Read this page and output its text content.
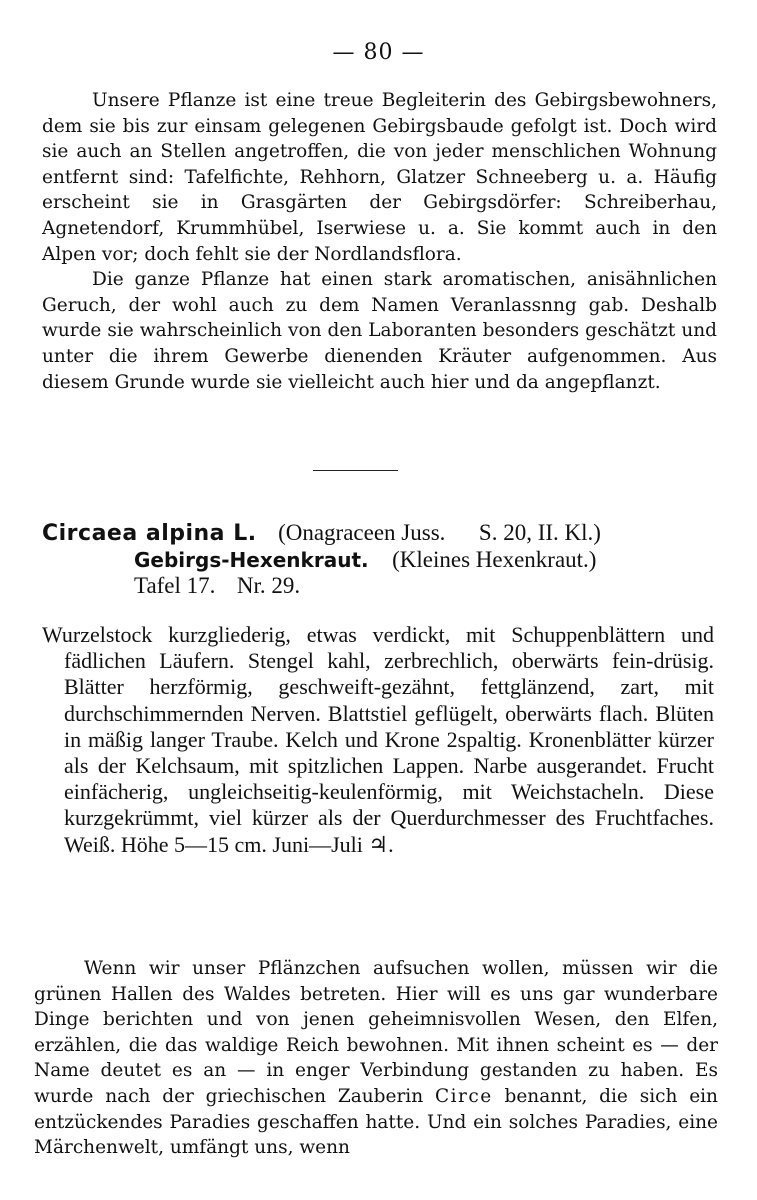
— 80 —

Unsere Pflanze ist eine treue Begleiterin des Gebirgsbewohners, dem sie bis zur einsam gelegenen Gebirgsbaude gefolgt ist. Doch wird sie auch an Stellen angetroffen, die von jeder menschlichen Wohnung entfernt sind: Tafelfichte, Rehhorn, Glatzer Schneeberg u. a. Häufig erscheint sie in Grasgärten der Gebirgsdörfer: Schreiberhau, Agnetendorf, Krummhübel, Iserwiese u. a. Sie kommt auch in den Alpen vor; doch fehlt sie der Nordlandsflora.

Die ganze Pflanze hat einen stark aromatischen, anisähnlichen Geruch, der wohl auch zu dem Namen Veranlassnng gab. Deshalb wurde sie wahrscheinlich von den Laboranten besonders geschätzt und unter die ihrem Gewerbe dienenden Kräuter aufgenommen. Aus diesem Grunde wurde sie vielleicht auch hier und da angepflanzt.

Circaea alpina L. (Onagraceen Juss. S. 20, II. Kl.)
Gebirgs-Hexenkraut. (Kleines Hexenkraut.)
Tafel 17. Nr. 29.

Wurzelstock kurzgliederig, etwas verdickt, mit Schuppenblättern und fädlichen Läufern. Stengel kahl, zerbrechlich, oberwärts fein-drüsig. Blätter herzförmig, geschweift-gezähnt, fettglänzend, zart, mit durchschimmernden Nerven. Blattstiel geflügelt, oberwärts flach. Blüten in mäßig langer Traube. Kelch und Krone 2spaltig. Kronenblätter kürzer als der Kelchsaum, mit spitzlichen Lappen. Narbe ausgerandet. Frucht einfächerig, ungleichseitig-keulenförmig, mit Weichstacheln. Diese kurzgekrümmt, viel kürzer als der Querdurchmesser des Fruchtfaches. Weiß. Höhe 5—15 cm. Juni—Juli ♃.

Wenn wir unser Pflänzchen aufsuchen wollen, müssen wir die grünen Hallen des Waldes betreten. Hier will es uns gar wunderbare Dinge berichten und von jenen geheimnisvollen Wesen, den Elfen, erzählen, die das waldige Reich bewohnen. Mit ihnen scheint es — der Name deutet es an — in enger Verbindung gestanden zu haben. Es wurde nach der griechischen Zauberin Circe benannt, die sich ein entzückendes Paradies geschaffen hatte. Und ein solches Paradies, eine Märchenwelt, umfängt uns, wenn
